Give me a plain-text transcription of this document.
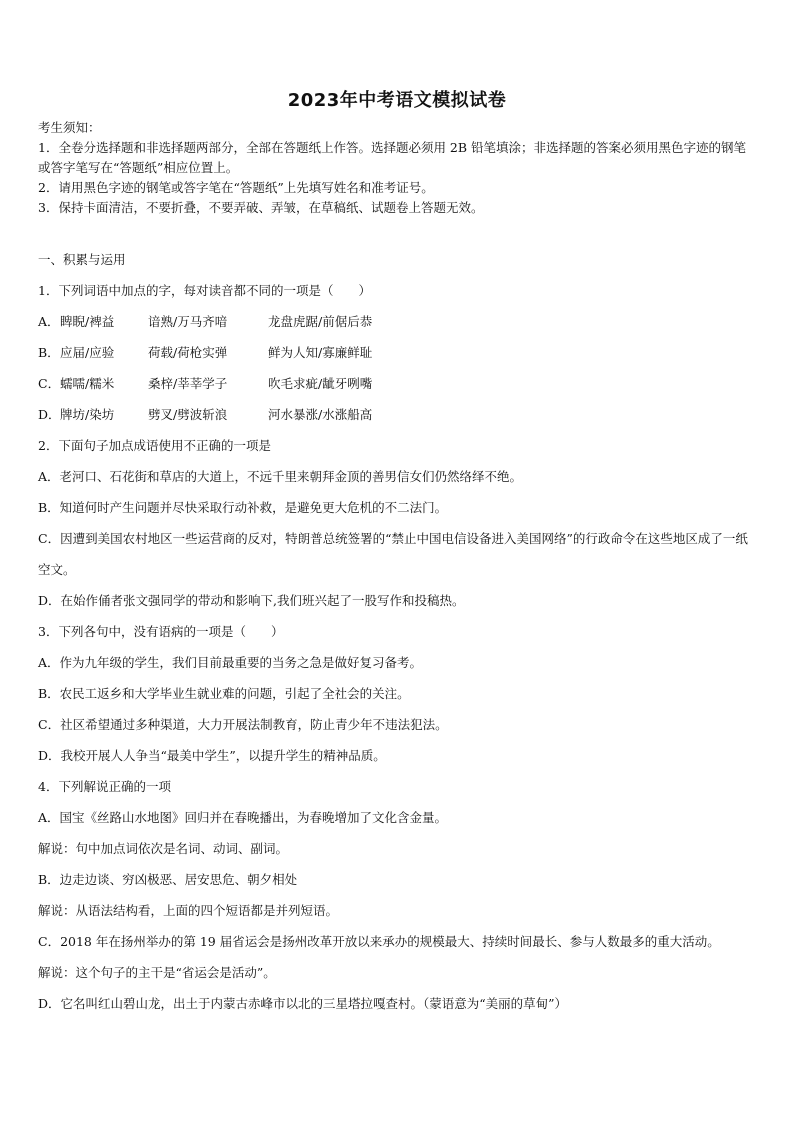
2023年中考语文模拟试卷

考生须知：

1．全卷分选择题和非选择题两部分，全部在答题纸上作答。选择题必须用 2B 铅笔填涂；非选择题的答案必须用黑色字迹的钢笔或答字笔写在“答题纸”相应位置上。

2．请用黑色字迹的钢笔或答字笔在“答题纸”上先填写姓名和准考证号。

3．保持卡面清洁，不要折叠，不要弄破、弄皱，在草稿纸、试题卷上答题无效。

一、积累与运用

1．下列词语中加点的字，每对读音都不同的一项是（　　）

A． 睥睨/裨益	谙熟/万马齐喑	龙盘虎踞/前倨后恭

B． 应届/应验	荷载/荷枪实弹	鲜为人知/寡廉鲜耻

C． 蠕嚅/糯米	桑梓/莘莘学子	吹毛求疵/龇牙咧嘴

D． 牌坊/染坊	劈叉/劈波斩浪	河水暴涨/水涨船高

2．下面句子加点成语使用不正确的一项是

A．老河口、石花街和草店的大道上，不远千里来朝拜金顶的善男信女们仍然络绎不绝。

B．知道何时产生问题并尽快采取行动补救，是避免更大危机的不二法门。

C．因遭到美国农村地区一些运营商的反对，特朗普总统签署的“禁止中国电信设备进入美国网络”的行政命令在这些地区成了一纸空文。

D．在始作俑者张文强同学的带动和影响下,我们班兴起了一股写作和投稿热。

3．下列各句中，没有语病的一项是（　　）

A．作为九年级的学生，我们目前最重要的当务之急是做好复习备考。

B．农民工返乡和大学毕业生就业难的问题，引起了全社会的关注。

C．社区希望通过多种渠道，大力开展法制教育，防止青少年不违法犯法。

D．我校开展人人争当“最美中学生”，以提升学生的精神品质。

4．下列解说正确的一项

A．国宝《丝路山水地图》回归并在春晚播出，为春晚增加了文化含金量。

解说：句中加点词依次是名词、动词、副词。

B．边走边谈、穷凶极恶、居安思危、朝夕相处

解说：从语法结构看，上面的四个短语都是并列短语。

C．2018 年在扬州举办的第 19 届省运会是扬州改革开放以来承办的规模最大、持续时间最长、参与人数最多的重大活动。

解说：这个句子的主干是“省运会是活动”。

D．它名叫红山碧山龙，出土于内蒙古赤峰市以北的三星塔拉嘎查村。（蒙语意为“美丽的草甸”）
